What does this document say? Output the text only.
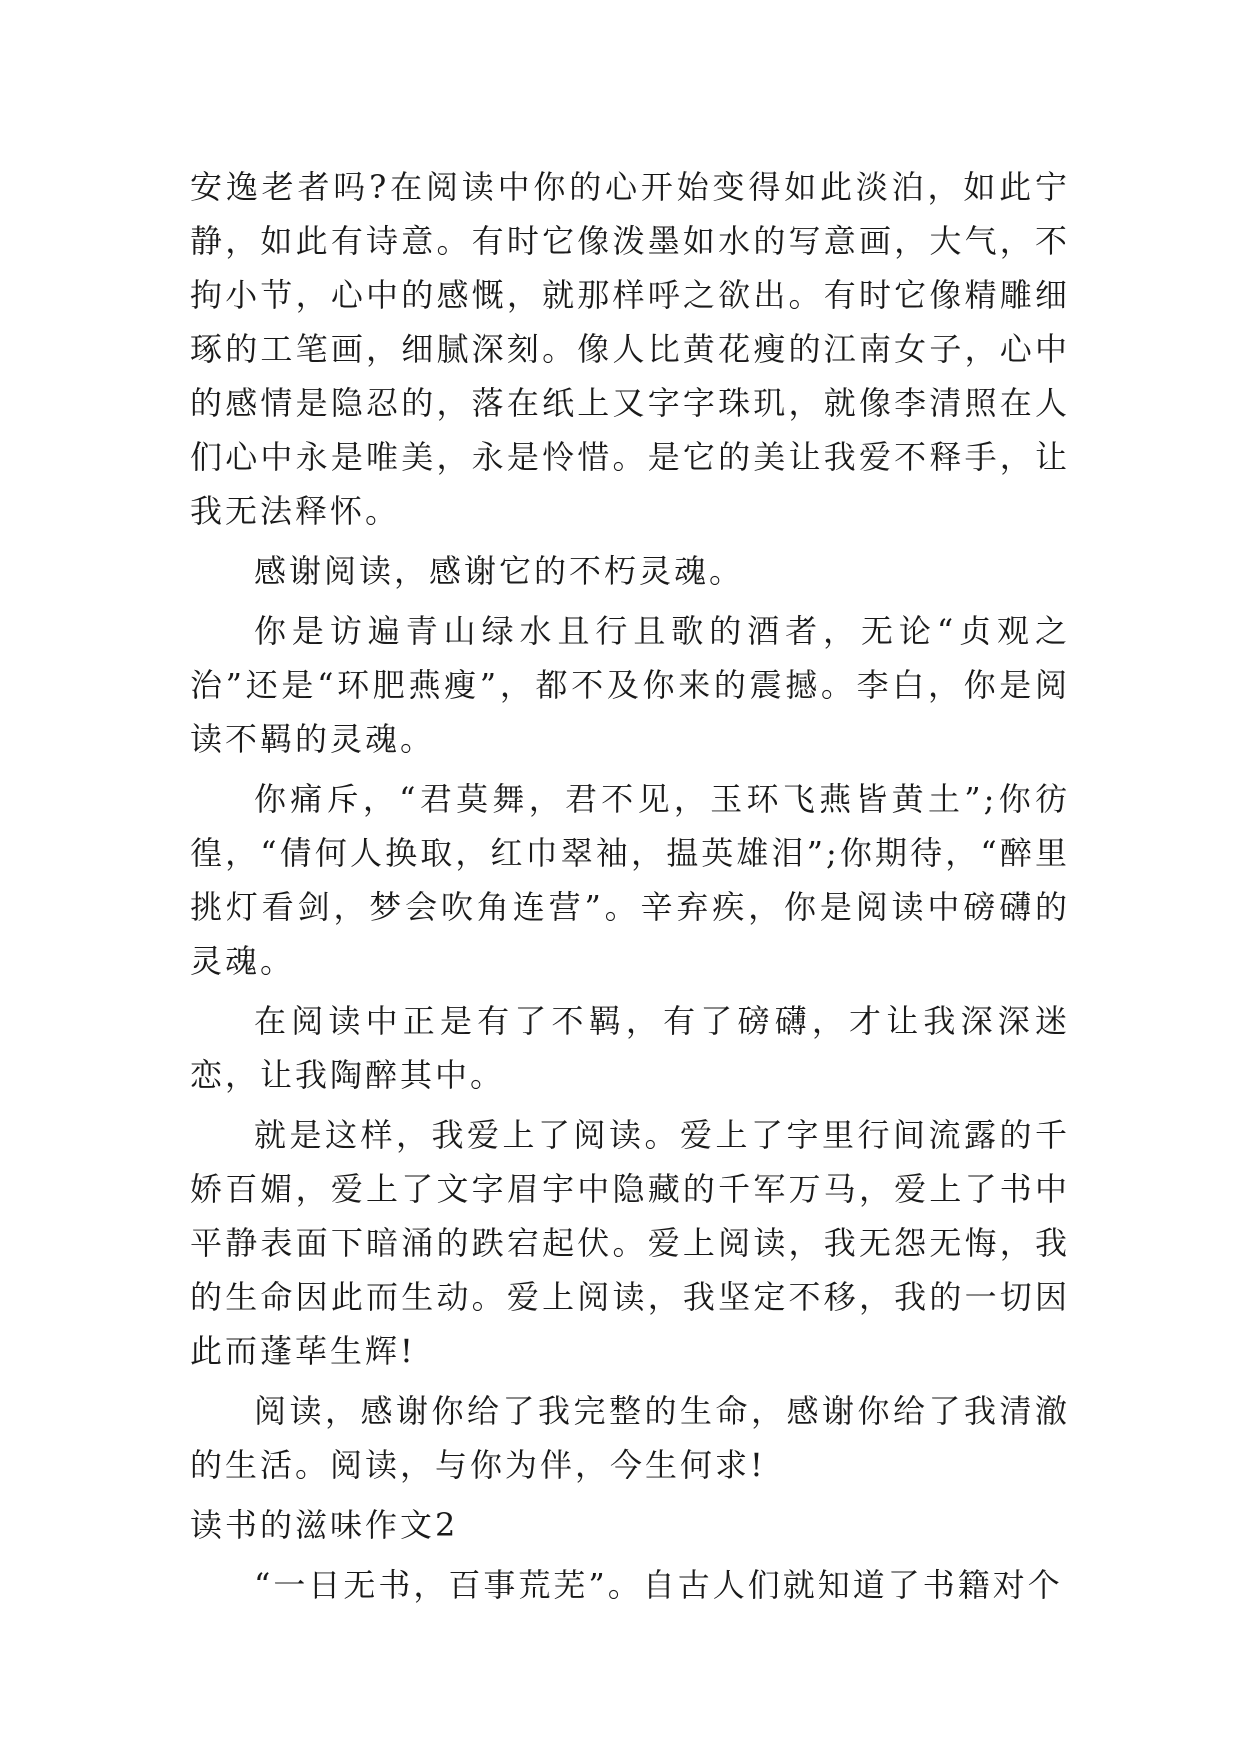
安逸老者吗?在阅读中你的心开始变得如此淡泊，如此宁静，如此有诗意。有时它像泼墨如水的写意画，大气，不拘小节，心中的感慨，就那样呼之欲出。有时它像精雕细琢的工笔画，细腻深刻。像人比黄花瘦的江南女子，心中的感情是隐忍的，落在纸上又字字珠玑，就像李清照在人们心中永是唯美，永是怜惜。是它的美让我爱不释手，让我无法释怀。

感谢阅读，感谢它的不朽灵魂。

你是访遍青山绿水且行且歌的酒者，无论“贞观之治”还是“环肥燕瘦”，都不及你来的震撼。李白，你是阅读不羁的灵魂。

你痛斥，“君莫舞，君不见，玉环飞燕皆黄土”;你彷徨，“倩何人换取，红巾翠袖，揾英雄泪”;你期待，“醉里挑灯看剑，梦会吹角连营”。辛弃疾，你是阅读中磅礴的灵魂。

在阅读中正是有了不羁，有了磅礴，才让我深深迷恋，让我陶醉其中。

就是这样，我爱上了阅读。爱上了字里行间流露的千娇百媚，爱上了文字眉宇中隐藏的千军万马，爱上了书中平静表面下暗涌的跌宕起伏。爱上阅读，我无怨无悔，我的生命因此而生动。爱上阅读，我坚定不移，我的一切因此而蓬荜生辉!

阅读，感谢你给了我完整的生命，感谢你给了我清澈的生活。阅读，与你为伴，今生何求!

读书的滋味作文2

“一日无书，百事荒芜”。自古人们就知道了书籍对个
